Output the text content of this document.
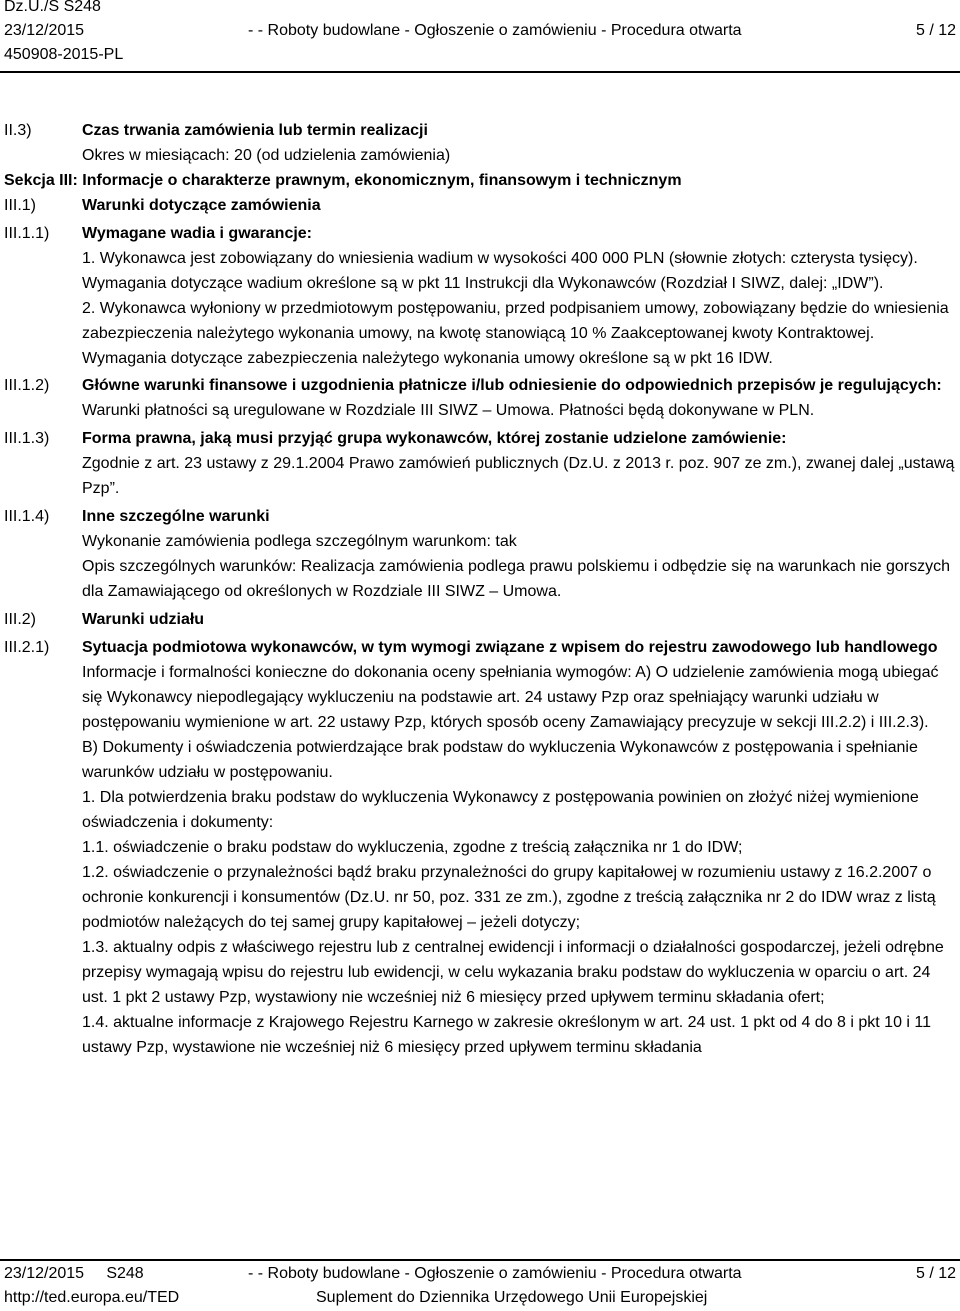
Dz.U./S S248
23/12/2015
450908-2015-PL
- - Roboty budowlane - Ogłoszenie o zamówieniu - Procedura otwarta	5 / 12
II.3)	Czas trwania zamówienia lub termin realizacji

Okres w miesiącach: 20 (od udzielenia zamówienia)

Sekcja III: Informacje o charakterze prawnym, ekonomicznym, finansowym i technicznym
III.1)	Warunki dotyczące zamówienia

III.1.1)	Wymagane wadia i gwarancje:

1. Wykonawca jest zobowiązany do wniesienia wadium w wysokości 400 000 PLN (słownie złotych: czterysta tysięcy).

Wymagania dotyczące wadium określone są w pkt 11 Instrukcji dla Wykonawców (Rozdział I SIWZ, dalej: „IDW”).

2. Wykonawca wyłoniony w przedmiotowym postępowaniu, przed podpisaniem umowy, zobowiązany będzie do wniesienia zabezpieczenia należytego wykonania umowy, na kwotę stanowiącą 10 % Zaakceptowanej kwoty Kontraktowej. Wymagania dotyczące zabezpieczenia należytego wykonania umowy określone są w pkt 16 IDW.

III.1.2)	Główne warunki finansowe i uzgodnienia płatnicze i/lub odniesienie do odpowiednich przepisów je regulujących:

Warunki płatności są uregulowane w Rozdziale III SIWZ – Umowa. Płatności będą dokonywane w PLN.

III.1.3)	Forma prawna, jaką musi przyjąć grupa wykonawców, której zostanie udzielone zamówienie:

Zgodnie z art. 23 ustawy z 29.1.2004 Prawo zamówień publicznych (Dz.U. z 2013 r. poz. 907 ze zm.), zwanej dalej „ustawą Pzp”.

III.1.4)	Inne szczególne warunki

Wykonanie zamówienia podlega szczególnym warunkom: tak

Opis szczególnych warunków: Realizacja zamówienia podlega prawu polskiemu i odbędzie się na warunkach nie gorszych dla Zamawiającego od określonych w Rozdziale III SIWZ – Umowa.

III.2)	Warunki udziału

III.2.1)	Sytuacja podmiotowa wykonawców, w tym wymogi związane z wpisem do rejestru zawodowego lub handlowego

Informacje i formalności konieczne do dokonania oceny spełniania wymogów: A) O udzielenie zamówienia mogą ubiegać się Wykonawcy niepodlegający wykluczeniu na podstawie art. 24 ustawy Pzp oraz spełniający warunki udziału w postępowaniu wymienione w art. 22 ustawy Pzp, których sposób oceny Zamawiający precyzuje w sekcji III.2.2) i III.2.3).

B) Dokumenty i oświadczenia potwierdzające brak podstaw do wykluczenia Wykonawców z postępowania i spełnianie warunków udziału w postępowaniu.

1. Dla potwierdzenia braku podstaw do wykluczenia Wykonawcy z postępowania powinien on złożyć niżej wymienione oświadczenia i dokumenty:

1.1. oświadczenie o braku podstaw do wykluczenia, zgodne z treścią załącznika nr 1 do IDW;

1.2. oświadczenie o przynależności bądź braku przynależności do grupy kapitałowej w rozumieniu ustawy z 16.2.2007 o ochronie konkurencji i konsumentów (Dz.U. nr 50, poz. 331 ze zm.), zgodne z treścią załącznika nr 2 do IDW wraz z listą podmiotów należących do tej samej grupy kapitałowej – jeżeli dotyczy;

1.3. aktualny odpis z właściwego rejestru lub z centralnej ewidencji i informacji o działalności gospodarczej, jeżeli odrębne przepisy wymagają wpisu do rejestru lub ewidencji, w celu wykazania braku podstaw do wykluczenia w oparciu o art. 24 ust. 1 pkt 2 ustawy Pzp, wystawiony nie wcześniej niż 6 miesięcy przed upływem terminu składania ofert;

1.4. aktualne informacje z Krajowego Rejestru Karnego w zakresie określonym w art. 24 ust. 1 pkt od 4 do 8 i pkt 10 i 11 ustawy Pzp, wystawione nie wcześniej niż 6 miesięcy przed upływem terminu składania

23/12/2015 S248
http://ted.europa.eu/TED
- - Roboty budowlane - Ogłoszenie o zamówieniu - Procedura otwarta
Suplement do Dziennika Urzędowego Unii Europejskiej
5 / 12
